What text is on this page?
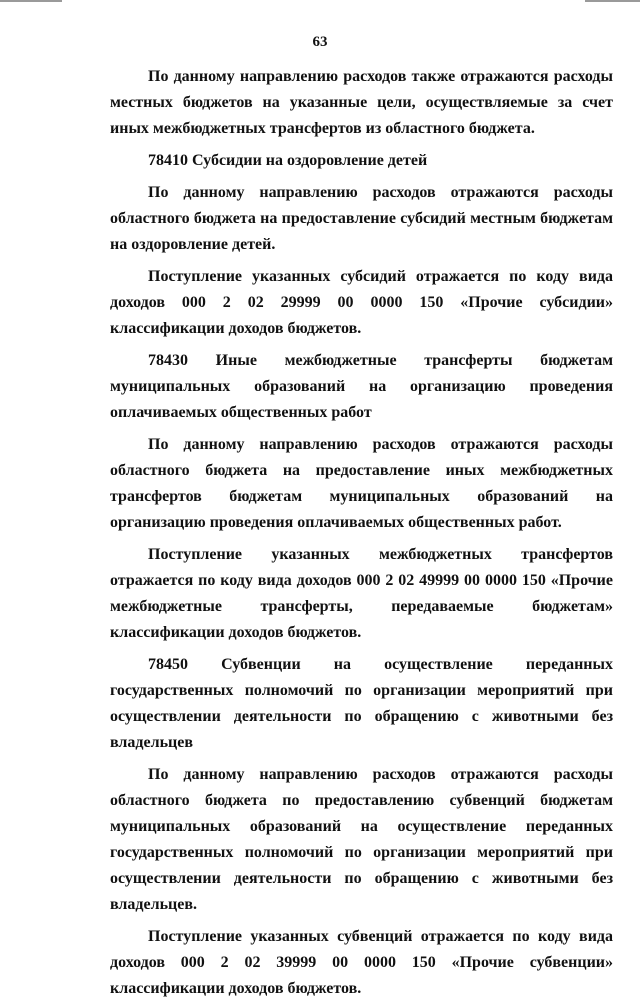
63

По данному направлению расходов также отражаются расходы местных бюджетов на указанные цели, осуществляемые за счет иных межбюджетных трансфертов из областного бюджета.

78410 Субсидии на оздоровление детей

По данному направлению расходов отражаются расходы областного бюджета на предоставление субсидий местным бюджетам на оздоровление детей.

Поступление указанных субсидий отражается по коду вида доходов 000 2 02 29999 00 0000 150 «Прочие субсидии» классификации доходов бюджетов.

78430 Иные межбюджетные трансферты бюджетам муниципальных образований на организацию проведения оплачиваемых общественных работ

По данному направлению расходов отражаются расходы областного бюджета на предоставление иных межбюджетных трансфертов бюджетам муниципальных образований на организацию проведения оплачиваемых общественных работ.

Поступление указанных межбюджетных трансфертов отражается по коду вида доходов 000 2 02 49999 00 0000 150 «Прочие межбюджетные трансферты, передаваемые бюджетам» классификации доходов бюджетов.

78450 Субвенции на осуществление переданных государственных полномочий по организации мероприятий при осуществлении деятельности по обращению с животными без владельцев

По данному направлению расходов отражаются расходы областного бюджета по предоставлению субвенций бюджетам муниципальных образований на осуществление переданных государственных полномочий по организации мероприятий при осуществлении деятельности по обращению с животными без владельцев.

Поступление указанных субвенций отражается по коду вида доходов 000 2 02 39999 00 0000 150 «Прочие субвенции» классификации доходов бюджетов.
